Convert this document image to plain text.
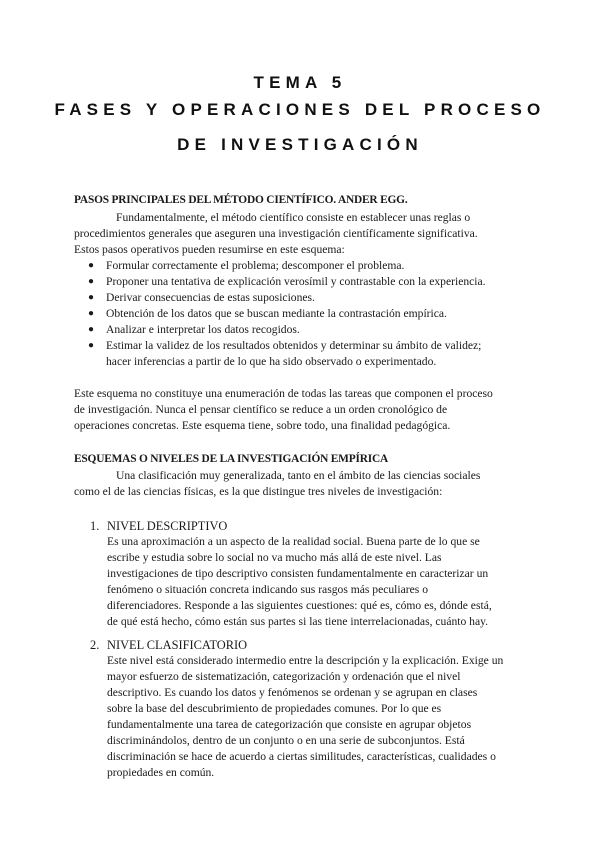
TEMA 5
FASES Y OPERACIONES DEL PROCESO
DE INVESTIGACIÓN

PASOS PRINCIPALES DEL MÉTODO CIENTÍFICO. ANDER EGG.

Fundamentalmente, el método científico consiste en establecer unas reglas o procedimientos generales que aseguren una investigación científicamente significativa.

Estos pasos operativos pueden resumirse en este esquema:

● Formular correctamente el problema; descomponer el problema.
● Proponer una tentativa de explicación verosímil y contrastable con la experiencia.
● Derivar consecuencias de estas suposiciones.
● Obtención de los datos que se buscan mediante la contrastación empírica.
● Analizar e interpretar los datos recogidos.
● Estimar la validez de los resultados obtenidos y determinar su ámbito de validez; hacer inferencias a partir de lo que ha sido observado o experimentado.

Este esquema no constituye una enumeración de todas las tareas que componen el proceso de investigación. Nunca el pensar científico se reduce a un orden cronológico de operaciones concretas. Este esquema tiene, sobre todo, una finalidad pedagógica.

ESQUEMAS O NIVELES DE LA INVESTIGACIÓN EMPÍRICA

Una clasificación muy generalizada, tanto en el ámbito de las ciencias sociales como el de las ciencias físicas, es la que distingue tres niveles de investigación:

1. NIVEL DESCRIPTIVO
Es una aproximación a un aspecto de la realidad social. Buena parte de lo que se escribe y estudia sobre lo social no va mucho más allá de este nivel. Las investigaciones de tipo descriptivo consisten fundamentalmente en caracterizar un fenómeno o situación concreta indicando sus rasgos más peculiares o diferenciadores. Responde a las siguientes cuestiones: qué es, cómo es, dónde está, de qué está hecho, cómo están sus partes si las tiene interrelacionadas, cuánto hay.
2. NIVEL CLASIFICATORIO
Este nivel está considerado intermedio entre la descripción y la explicación. Exige un mayor esfuerzo de sistematización, categorización y ordenación que el nivel descriptivo. Es cuando los datos y fenómenos se ordenan y se agrupan en clases sobre la base del descubrimiento de propiedades comunes. Por lo que es fundamentalmente una tarea de categorización que consiste en agrupar objetos discriminándolos, dentro de un conjunto o en una serie de subconjuntos. Está discriminación se hace de acuerdo a ciertas similitudes, características, cualidades o propiedades en común.
